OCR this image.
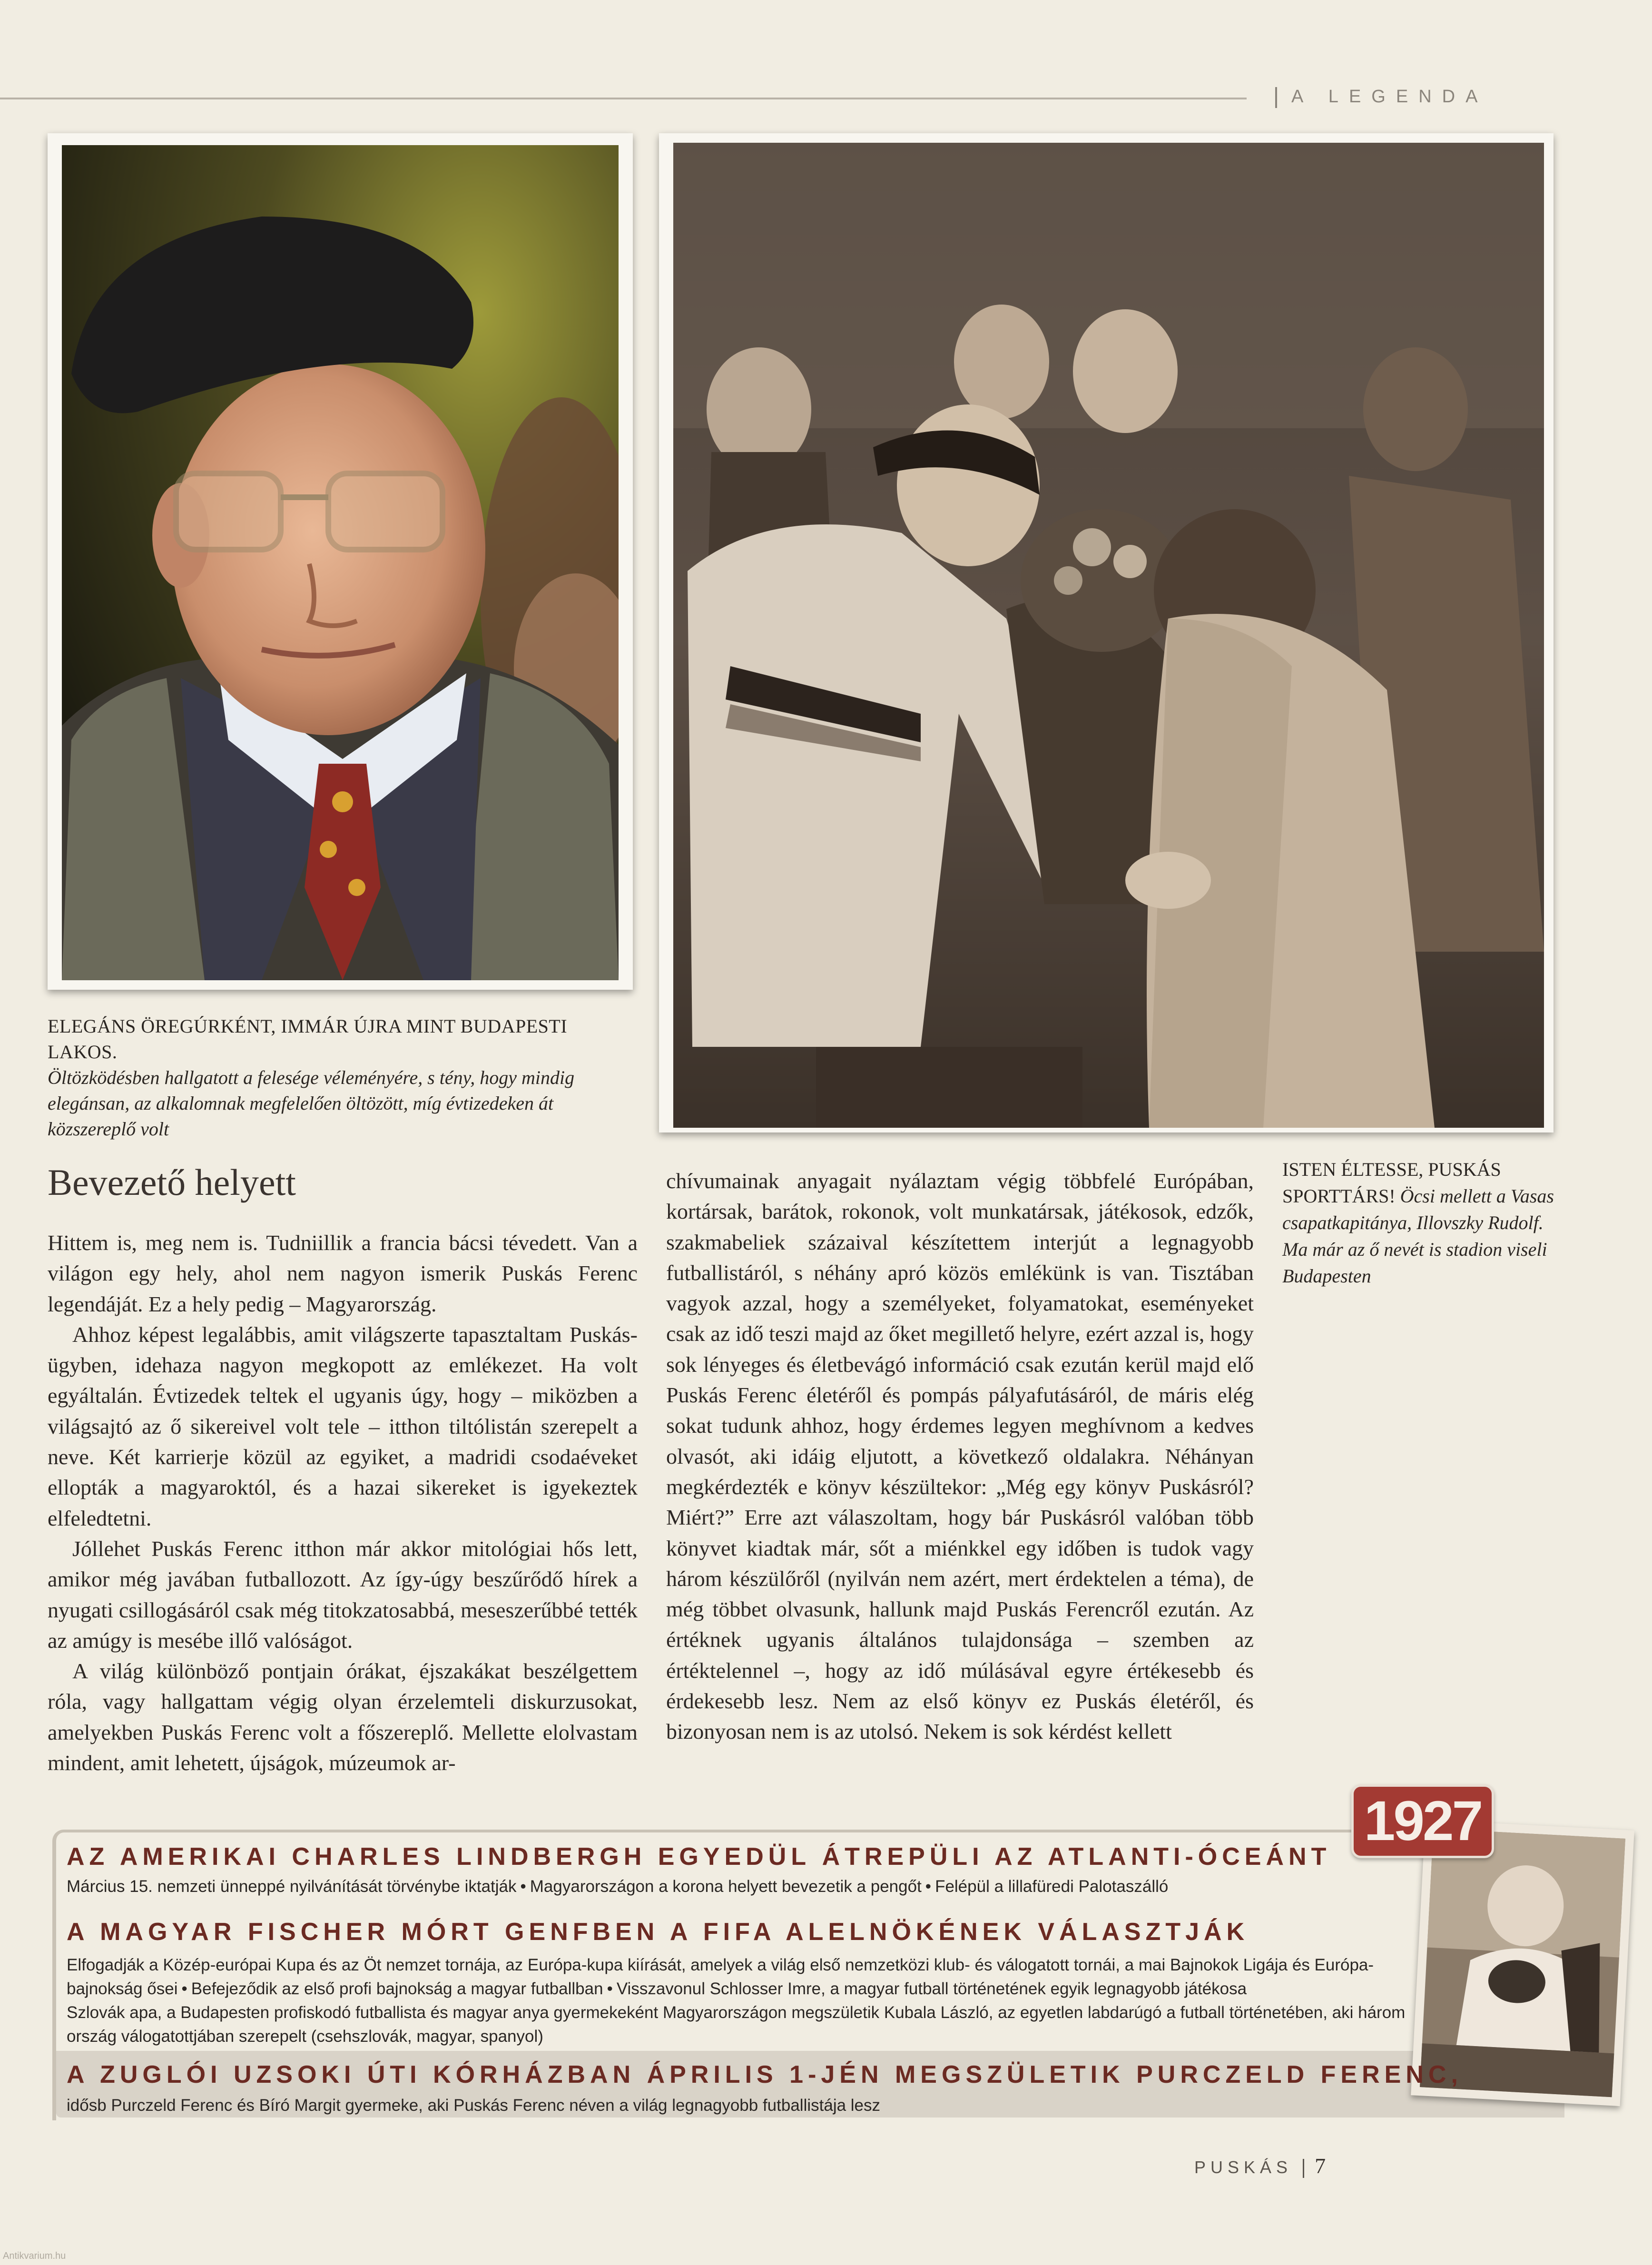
A LEGENDA
ELEGÁNS ÖREGÚRKÉNT, IMMÁR ÚJRA MINT BUDAPESTI LAKOS.
Öltözködésben hallgatott a felesége véleményére, s tény, hogy mindig elegánsan, az alkalomnak megfelelően öltözött, míg évtizedeken át közszereplő volt
ISTEN ÉLTESSE, PUSKÁS SPORTTÁRS! Öcsi mellett a Vasas csapatkapitánya, Illovszky Rudolf. Ma már az ő nevét is stadion viseli Budapesten
Bevezető helyett

Hittem is, meg nem is. Tudniillik a francia bácsi tévedett. Van a világon egy hely, ahol nem nagyon ismerik Puskás Ferenc legendáját. Ez a hely pedig – Magyarország.

Ahhoz képest legalábbis, amit világszerte tapasztaltam Puskás-ügyben, idehaza nagyon megkopott az emlékezet. Ha volt egyáltalán. Évtizedek teltek el ugyanis úgy, hogy – miközben a világsajtó az ő sikereivel volt tele – itthon tiltólistán szerepelt a neve. Két karrierje közül az egyiket, a madridi csodaéveket ellopták a magyaroktól, és a hazai sikereket is igyekeztek elfeledtetni.

Jóllehet Puskás Ferenc itthon már akkor mitológiai hős lett, amikor még javában futballozott. Az így-úgy beszűrődő hírek a nyugati csillogásáról csak még titokzatosabbá, meseszerűbbé tették az amúgy is mesébe illő valóságot.

A világ különböző pontjain órákat, éjszakákat beszélgettem róla, vagy hallgattam végig olyan érzelemteli diskurzusokat, amelyekben Puskás Ferenc volt a főszereplő. Mellette elolvastam mindent, amit lehetett, újságok, múzeumok ar-

chívumainak anyagait nyálaztam végig többfelé Európában, kortársak, barátok, rokonok, volt munkatársak, játékosok, edzők, szakmabeliek százaival készítettem interjút a legnagyobb futballistáról, s néhány apró közös emlékünk is van. Tisztában vagyok azzal, hogy a személyeket, folyamatokat, eseményeket csak az idő teszi majd az őket megillető helyre, ezért azzal is, hogy sok lényeges és életbevágó információ csak ezután kerül majd elő Puskás Ferenc életéről és pompás pályafutásáról, de máris elég sokat tudunk ahhoz, hogy érdemes legyen meghívnom a kedves olvasót, aki idáig eljutott, a következő oldalakra. Néhányan megkérdezték e könyv készültekor: „Még egy könyv Puskásról? Miért?” Erre azt válaszoltam, hogy bár Puskásról valóban több könyvet kiadtak már, sőt a miénkkel egy időben is tudok vagy három készülőről (nyilván nem azért, mert érdektelen a téma), de még többet olvasunk, hallunk majd Puskás Ferencről ezután. Az értéknek ugyanis általános tulajdonsága – szemben az értéktelennel –, hogy az idő múlásával egyre értékesebb és érdekesebb lesz. Nem az első könyv ez Puskás életéről, és bizonyosan nem is az utolsó. Nekem is sok kérdést kellett

1927
AZ AMERIKAI CHARLES LINDBERGH EGYEDÜL ÁTREPÜLI AZ ATLANTI-ÓCEÁNT
Március 15. nemzeti ünneppé nyilvánítását törvénybe iktatják • Magyarországon a korona helyett bevezetik a pengőt • Felépül a lillafüredi Palotaszálló
A MAGYAR FISCHER MÓRT GENFBEN A FIFA ALELNÖKÉNEK VÁLASZTJÁK
Elfogadják a Közép-európai Kupa és az Öt nemzet tornája, az Európa-kupa kiírását, amelyek a világ első nemzetközi klub- és válogatott tornái, a mai Bajnokok Ligája és Európa-bajnokság ősei • Befejeződik az első profi bajnokság a magyar futballban • Visszavonul Schlosser Imre, a magyar futball történetének egyik legnagyobb játékosa
Szlovák apa, a Budapesten profiskodó futballista és magyar anya gyermekeként Magyarországon megszületik Kubala László, az egyetlen labdarúgó a futball történetében, aki három ország válogatottjában szerepelt (csehszlovák, magyar, spanyol)
A ZUGLÓI UZSOKI ÚTI KÓRHÁZBAN ÁPRILIS 1-JÉN MEGSZÜLETIK PURCZELD FERENC,
idősb Purczeld Ferenc és Bíró Margit gyermeke, aki Puskás Ferenc néven a világ legnagyobb futballistája lesz
PUSKÁS 7
Antikvarium.hu
